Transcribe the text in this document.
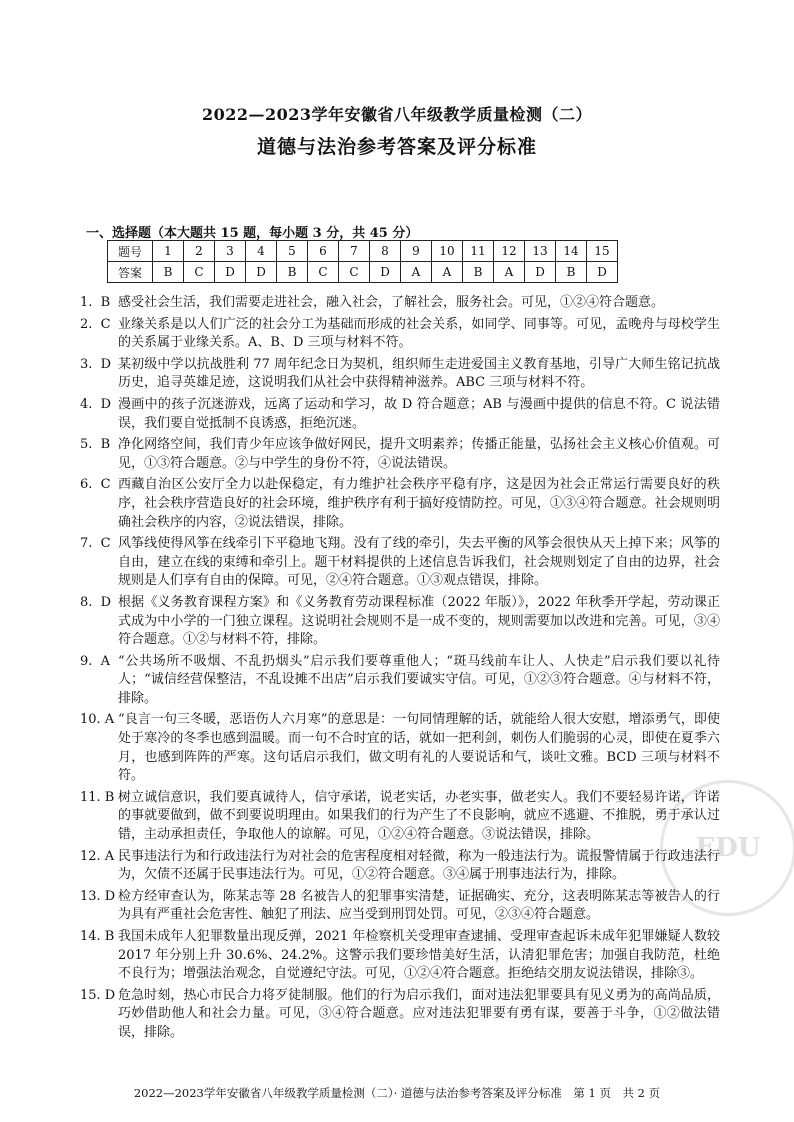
EDU
2022—2023学年安徽省八年级教学质量检测（二）
道德与法治参考答案及评分标准
一、选择题（本大题共 15 题，每小题 3 分，共 45 分）
题号	1	2	3	4	5	6	7	8	9	10	11	12	13	14	15
答案	B	C	D	D	B	C	C	D	A	A	B	A	D	B	D
1.  B 感受社会生活，我们需要走进社会，融入社会，了解社会，服务社会。可见，①②④符合题意。
2.  C 业缘关系是以人们广泛的社会分工为基础而形成的社会关系，如同学、同事等。可见，孟晚舟与母校学生的关系属于业缘关系。A、B、D 三项与材料不符。
3.  D 某初级中学以抗战胜利 77 周年纪念日为契机，组织师生走进爱国主义教育基地，引导广大师生铭记抗战历史，追寻英雄足迹，这说明我们从社会中获得精神滋养。ABC 三项与材料不符。
4.  D 漫画中的孩子沉迷游戏，远离了运动和学习，故 D 符合题意；AB 与漫画中提供的信息不符。C 说法错误，我们要自觉抵制不良诱惑，拒绝沉迷。
5.  B 净化网络空间，我们青少年应该争做好网民，提升文明素养；传播正能量，弘扬社会主义核心价值观。可见，①③符合题意。②与中学生的身份不符，④说法错误。
6.  C 西藏自治区公安厅全力以赴保稳定，有力维护社会秩序平稳有序，这是因为社会正常运行需要良好的秩序，社会秩序营造良好的社会环境，维护秩序有利于搞好疫情防控。可见，①③④符合题意。社会规则明确社会秩序的内容，②说法错误，排除。
7.  C 风筝线使得风筝在线牵引下平稳地飞翔。没有了线的牵引，失去平衡的风筝会很快从天上掉下来；风筝的自由，建立在线的束缚和牵引上。题干材料提供的上述信息告诉我们，社会规则划定了自由的边界，社会规则是人们享有自由的保障。可见，②④符合题意。①③观点错误，排除。
8.  D 根据《义务教育课程方案》和《义务教育劳动课程标准（2022 年版）》，2022 年秋季开学起，劳动课正式成为中小学的一门独立课程。这说明社会规则不是一成不变的，规则需要加以改进和完善。可见，③④符合题意。①②与材料不符，排除。
9.  A “公共场所不吸烟、不乱扔烟头”启示我们要尊重他人；“斑马线前车让人、人快走”启示我们要以礼待人；“诚信经营保整洁，不乱设摊不出店”启示我们要诚实守信。可见，①②③符合题意。④与材料不符，排除。
10. A “良言一句三冬暖，恶语伤人六月寒”的意思是：一句同情理解的话，就能给人很大安慰，增添勇气，即使处于寒冷的冬季也感到温暖。而一句不合时宜的话，就如一把利剑，刺伤人们脆弱的心灵，即使在夏季六月，也感到阵阵的严寒。这句话启示我们，做文明有礼的人要说话和气，谈吐文雅。BCD 三项与材料不符。
11. B 树立诚信意识，我们要真诚待人，信守承诺，说老实话，办老实事，做老实人。我们不要轻易许诺，许诺的事就要做到，做不到要说明理由。如果我们的行为产生了不良影响，就应不逃避、不推脱，勇于承认过错，主动承担责任，争取他人的谅解。可见，①②④符合题意。③说法错误，排除。
12. A 民事违法行为和行政违法行为对社会的危害程度相对轻微，称为一般违法行为。谎报警情属于行政违法行为，欠债不还属于民事违法行为。可见，①②符合题意。③④属于刑事违法行为，排除。
13. D 检方经审查认为，陈某志等 28 名被告人的犯罪事实清楚，证据确实、充分，这表明陈某志等被告人的行为具有严重社会危害性、触犯了刑法、应当受到刑罚处罚。可见，②③④符合题意。
14. B 我国未成年人犯罪数量出现反弹，2021 年检察机关受理审查逮捕、受理审查起诉未成年犯罪嫌疑人数较 2017 年分别上升 30.6%、24.2%。这警示我们要珍惜美好生活，认清犯罪危害；加强自我防范，杜绝不良行为；增强法治观念，自觉遵纪守法。可见，①②④符合题意。拒绝结交朋友说法错误，排除③。
15. D 危急时刻，热心市民合力将歹徒制服。他们的行为启示我们，面对违法犯罪要具有见义勇为的高尚品质，巧妙借助他人和社会力量。可见，③④符合题意。应对违法犯罪要有勇有谋，要善于斗争，①②做法错误，排除。
2022—2023学年安徽省八年级教学质量检测（二）· 道德与法治参考答案及评分标准　第 1 页　共 2 页
